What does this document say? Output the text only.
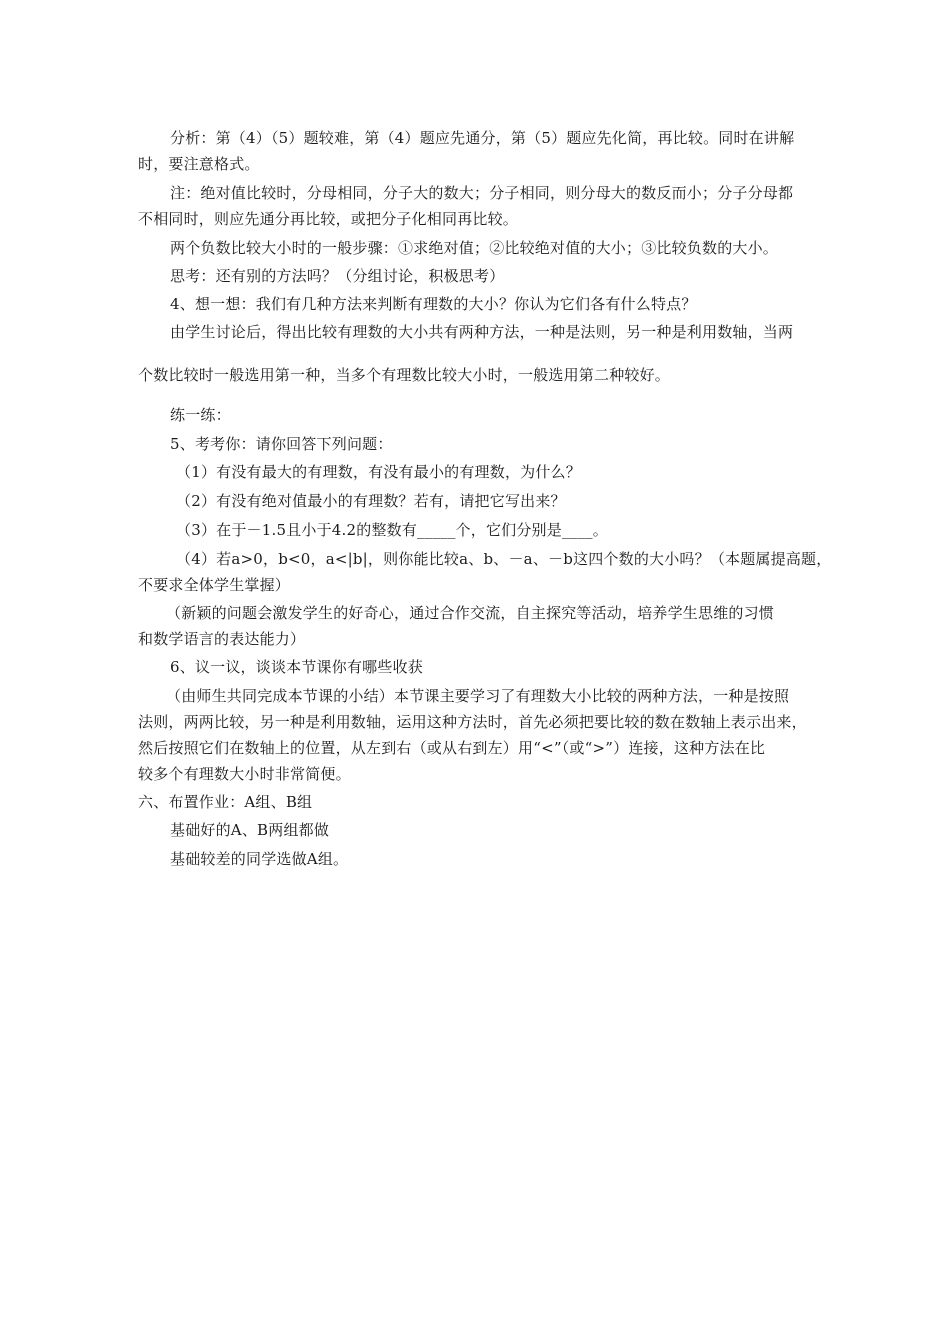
分析：第（4）（5）题较难，第（4）题应先通分，第（5）题应先化简，再比较。同时在讲解
时，要注意格式。
注：绝对值比较时，分母相同，分子大的数大；分子相同，则分母大的数反而小；分子分母都
不相同时，则应先通分再比较，或把分子化相同再比较。
两个负数比较大小时的一般步骤：①求绝对值；②比较绝对值的大小；③比较负数的大小。
思考：还有别的方法吗？（分组讨论，积极思考）
4、想一想：我们有几种方法来判断有理数的大小？你认为它们各有什么特点？
由学生讨论后，得出比较有理数的大小共有两种方法，一种是法则，另一种是利用数轴，当两
个数比较时一般选用第一种，当多个有理数比较大小时，一般选用第二种较好。
练一练：
5、考考你：请你回答下列问题：
（1）有没有最大的有理数，有没有最小的有理数，为什么？
（2）有没有绝对值最小的有理数？若有，请把它写出来？
（3）在于－1.5且小于4.2的整数有_____个，它们分别是____。
（4）若a>0，b<0，a<|b|，则你能比较a、b、－a、－b这四个数的大小吗？（本题属提高题，
不要求全体学生掌握）
（新颖的问题会激发学生的好奇心，通过合作交流，自主探究等活动，培养学生思维的习惯
和数学语言的表达能力）
6、议一议，谈谈本节课你有哪些收获
（由师生共同完成本节课的小结）本节课主要学习了有理数大小比较的两种方法，一种是按照
法则，两两比较，另一种是利用数轴，运用这种方法时，首先必须把要比较的数在数轴上表示出来，
然后按照它们在数轴上的位置，从左到右（或从右到左）用“<”（或“>”）连接，这种方法在比
较多个有理数大小时非常简便。
六、布置作业：A组、B组
基础好的A、B两组都做
基础较差的同学选做A组。
